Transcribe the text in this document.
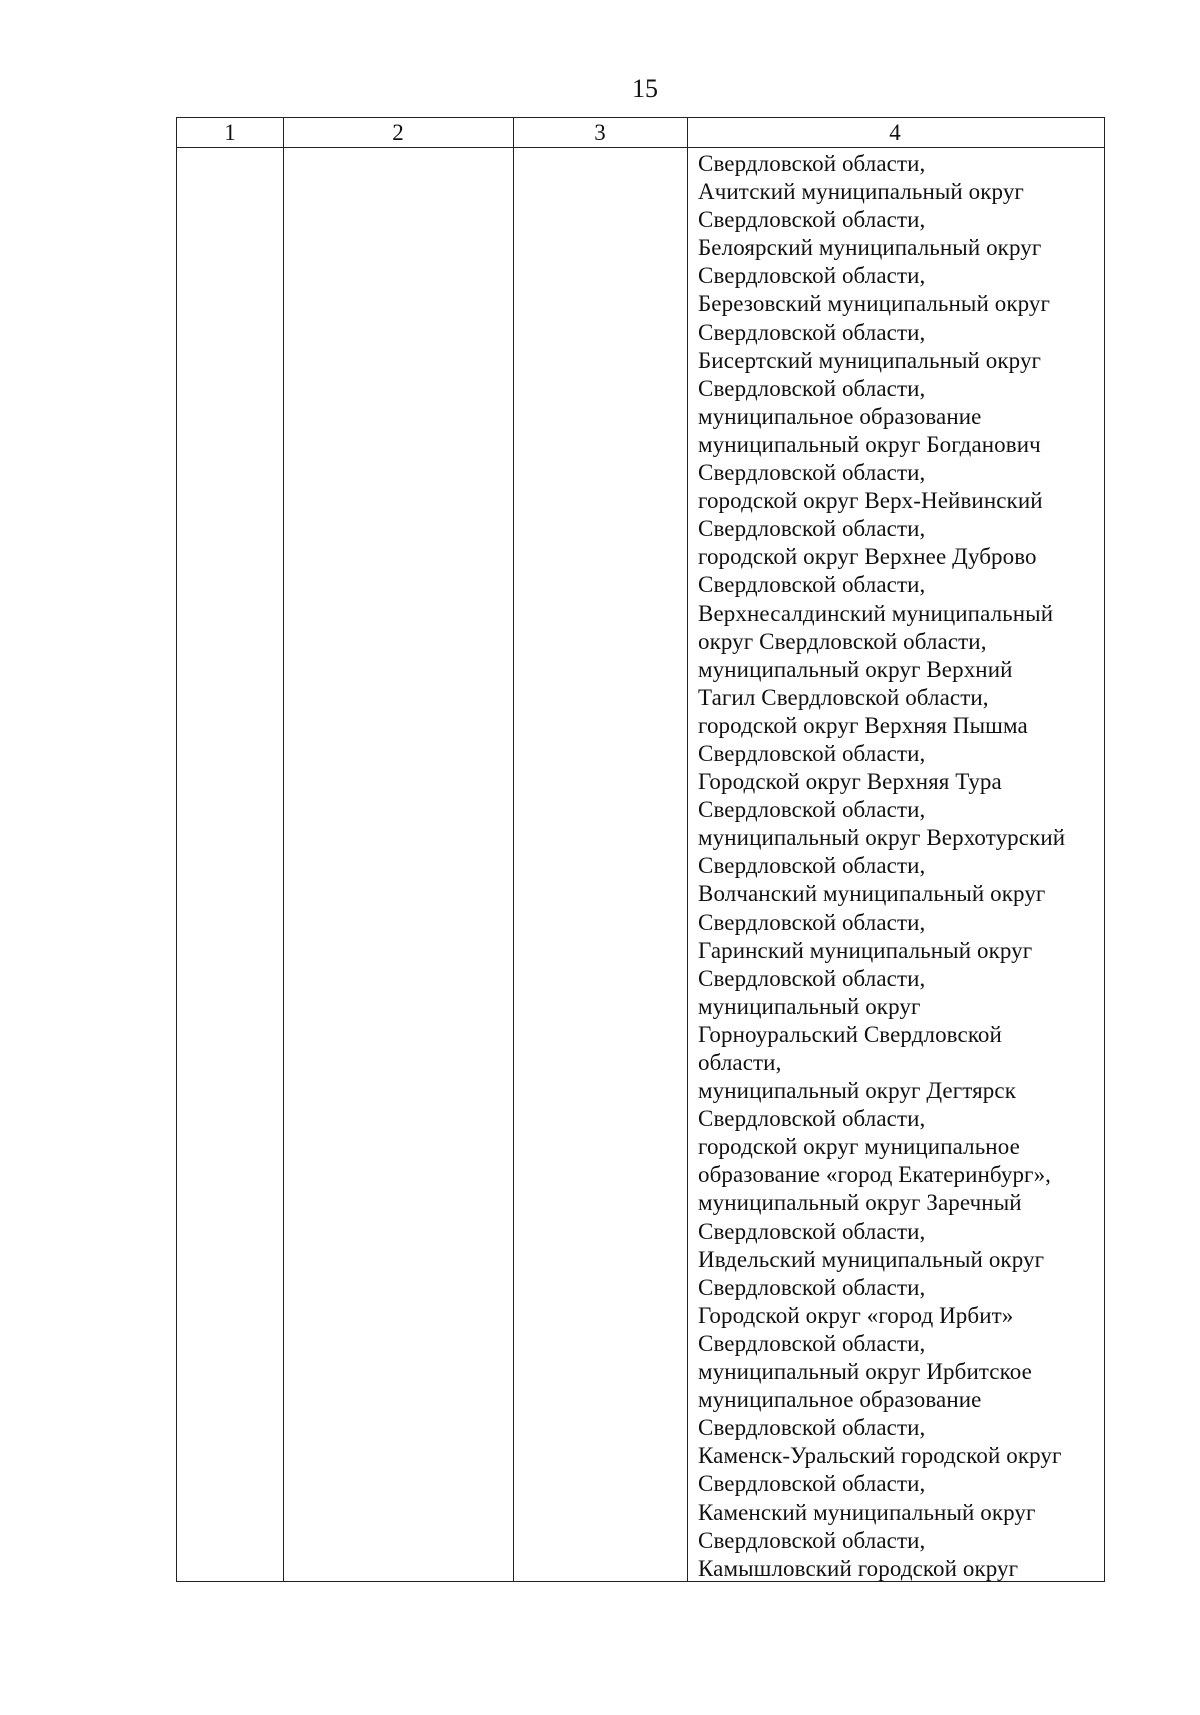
15
1	2	3	4
Свердловской области,
Ачитский муниципальный округ
Свердловской области,
Белоярский муниципальный округ
Свердловской области,
Березовский муниципальный округ
Свердловской области,
Бисертский муниципальный округ
Свердловской области,
муниципальное образование
муниципальный округ Богданович
Свердловской области,
городской округ Верх-Нейвинский
Свердловской области,
городской округ Верхнее Дуброво
Свердловской области,
Верхнесалдинский муниципальный
округ Свердловской области,
муниципальный округ Верхний
Тагил Свердловской области,
городской округ Верхняя Пышма
Свердловской области,
Городской округ Верхняя Тура
Свердловской области,
муниципальный округ Верхотурский
Свердловской области,
Волчанский муниципальный округ
Свердловской области,
Гаринский муниципальный округ
Свердловской области,
муниципальный округ
Горноуральский Свердловской
области,
муниципальный округ Дегтярск
Свердловской области,
городской округ муниципальное
образование «город Екатеринбург»,
муниципальный округ Заречный
Свердловской области,
Ивдельский муниципальный округ
Свердловской области,
Городской округ «город Ирбит»
Свердловской области,
муниципальный округ Ирбитское
муниципальное образование
Свердловской области,
Каменск-Уральский городской округ
Свердловской области,
Каменский муниципальный округ
Свердловской области,
Камышловский городской округ
